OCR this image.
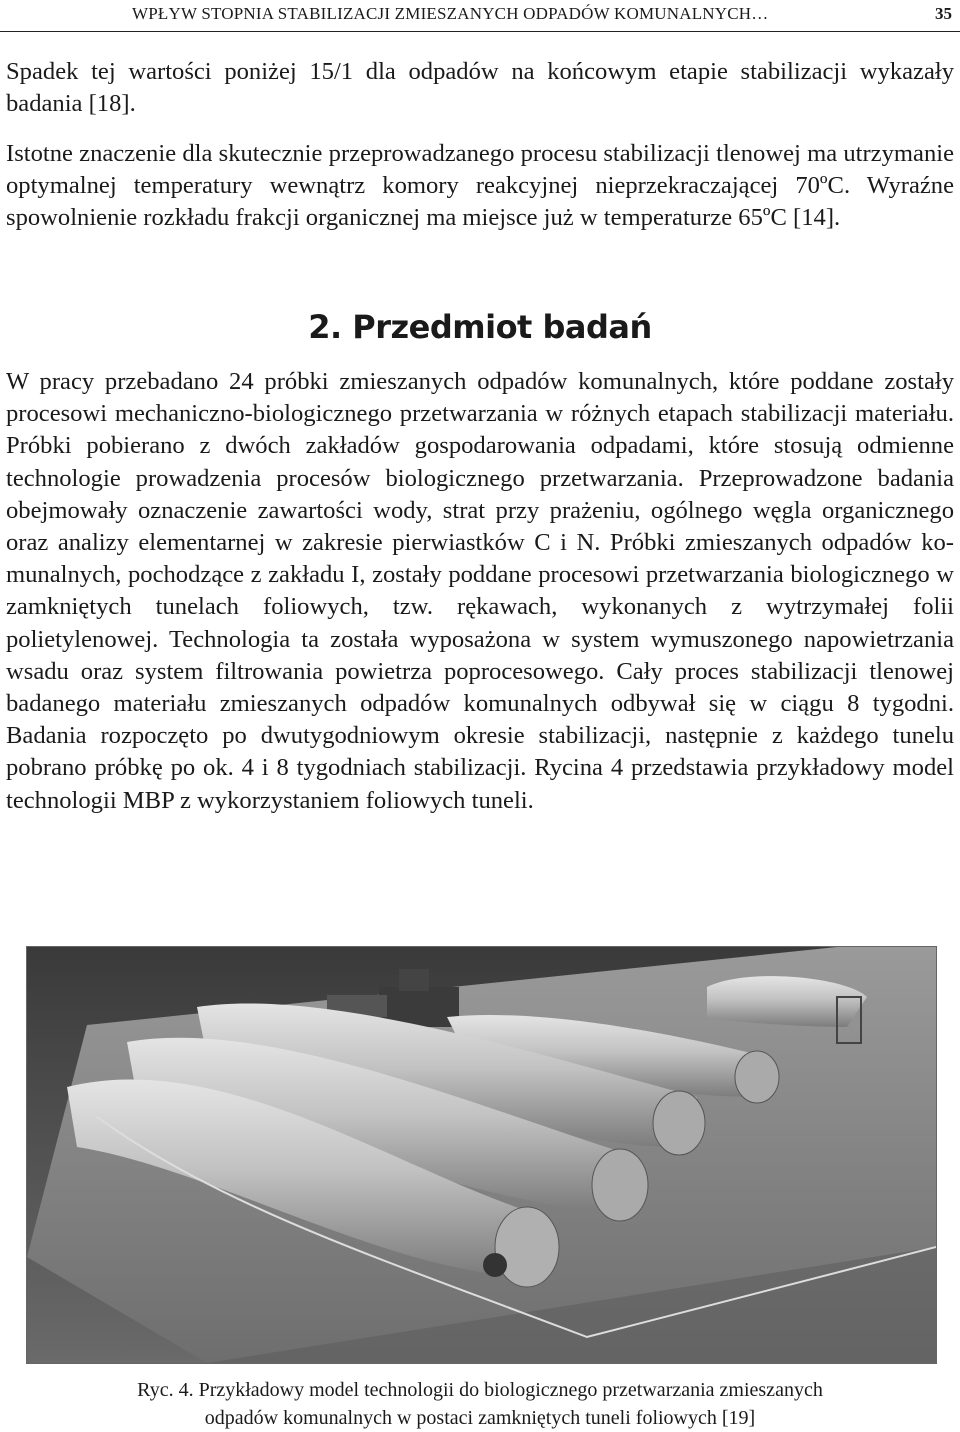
WPŁYW STOPNIA STABILIZACJI ZMIESZANYCH ODPADÓW KOMUNALNYCH…	35

Spadek tej wartości poniżej 15/1 dla odpadów na końcowym etapie stabilizacji wykazały badania [18].

Istotne znaczenie dla skutecznie przeprowadzanego procesu stabilizacji tlenowej ma utrzymanie optymalnej temperatury wewnątrz komory reakcyjnej nieprzekraczającej 70ºC. Wyraźne spowolnienie rozkładu frakcji organicznej ma miejsce już w temperaturze 65ºC [14].

2. Przedmiot badań

W pracy przebadano 24 próbki zmieszanych odpadów komunalnych, które poddane zostały procesowi mechaniczno-biologicznego przetwarzania w różnych etapach stabilizacji materiału. Próbki pobierano z dwóch zakładów gospodarowania odpadami, które stosują odmienne technologie prowadzenia procesów biologicznego przetwarzania. Przeprowadzone badania obejmowały oznaczenie zawartości wody, strat przy prażeniu, ogólnego węgla organicznego oraz analizy elementarnej w zakresie pierwiastków C i N. Próbki zmieszanych odpadów komunalnych, pochodzące z zakładu I, zostały poddane procesowi przetwarzania biologicznego w zamkniętych tunelach foliowych, tzw. rękawach, wykonanych z wytrzymałej folii polietylenowej. Technologia ta została wyposażona w system wymuszonego napowietrzania wsadu oraz system filtrowania powietrza poprocesowego. Cały proces stabilizacji tlenowej badanego materiału zmieszanych odpadów komunalnych odbywał się w ciągu 8 tygodni. Badania rozpoczęto po dwutygodniowym okresie stabilizacji, następnie z każdego tunelu pobrano próbkę po ok. 4 i 8 tygodniach stabilizacji. Rycina 4 przedstawia przykładowy model technologii MBP z wykorzystaniem foliowych tuneli.

Ryc. 4. Przykładowy model technologii do biologicznego przetwarzania zmieszanych
odpadów komunalnych w postaci zamkniętych tuneli foliowych [19]
